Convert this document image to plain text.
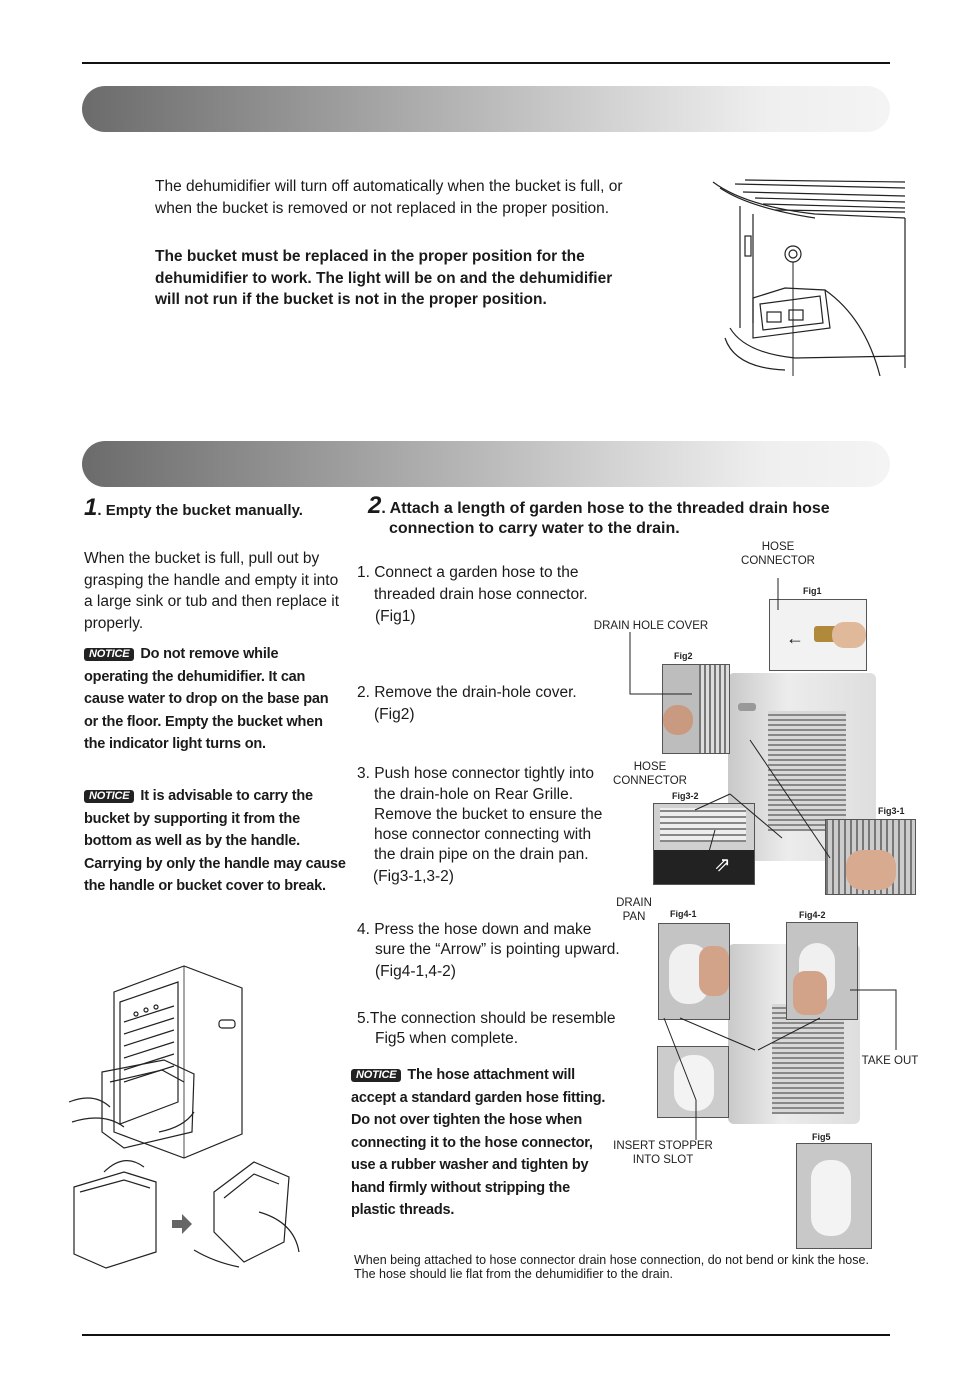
The dehumidifier will turn off automatically when the bucket is full, or when the bucket is removed or not replaced in the proper position.
The bucket must be replaced in the proper position for the dehumidifier to work. The light will be on and the dehumidifier will not run if the bucket is not in the proper position.
1. Empty the bucket manually.
When the bucket is full, pull out by grasping the handle and empty it into a large sink or tub and then replace it properly.
NOTICE Do not remove while operating the dehumidifier. It can cause water to drop on the base pan or the floor. Empty the bucket when the indicator light turns on.
NOTICE It is advisable to carry the bucket by supporting it from the bottom as well as by the handle. Carrying by only the handle may cause the handle or bucket cover to break.
2. Attach a length of garden hose to the threaded drain hose connection to carry water to the drain.
1. Connect a garden hose to the
threaded drain hose connector.
(Fig1)
2. Remove the drain-hole cover.
(Fig2)
3. Push hose connector tightly into
the drain-hole on Rear Grille.
Remove the bucket to ensure the
hose connector connecting with
the drain pipe on the drain pan.
(Fig3-1,3-2)
4. Press the hose down and make
sure the “Arrow” is pointing upward.
(Fig4-1,4-2)
5.The connection should be resemble
Fig5 when complete.
NOTICE The hose attachment will accept a standard garden hose fitting. Do not over tighten the hose when connecting it to the hose connector, use a rubber washer and tighten by hand firmly without stripping the plastic threads.
When being attached to hose connector drain hose connection, do not bend or kink the hose.
The hose should lie flat from the dehumidifier to the drain.
HOSE
CONNECTOR
DRAIN HOLE COVER
HOSE
CONNECTOR
DRAIN
PAN
TAKE OUT
INSERT STOPPER
INTO SLOT
Fig1
Fig2
Fig3-2
Fig3-1
Fig4-1	Fig4-2
Fig5
←
⇗
